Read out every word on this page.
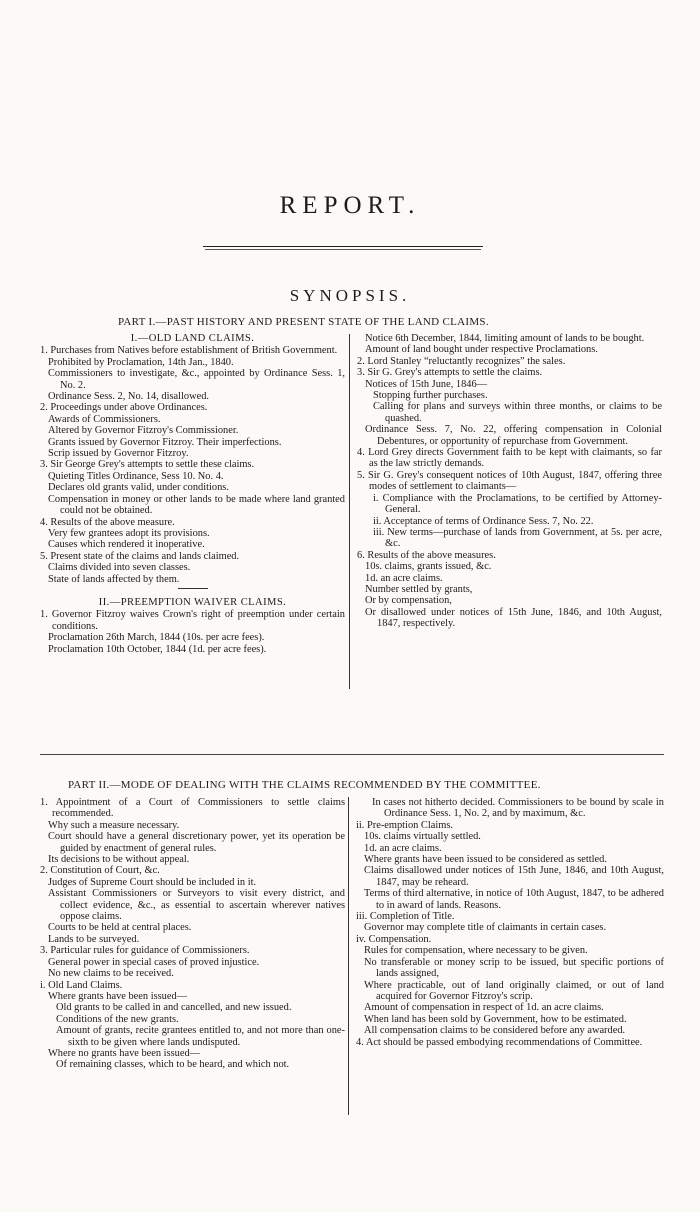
REPORT.
SYNOPSIS.
PART I.—PAST HISTORY AND PRESENT STATE OF THE LAND CLAIMS.
I.—OLD LAND CLAIMS.
1. Purchases from Natives before establishment of British Government.
Prohibited by Proclamation, 14th Jan., 1840.
Commissioners to investigate, &c., appointed by Ordinance Sess. 1, No. 2.
Ordinance Sess. 2, No. 14, disallowed.
2. Proceedings under above Ordinances.
Awards of Commissioners.
Altered by Governor Fitzroy's Commissioner.
Grants issued by Governor Fitzroy. Their imperfections.
Scrip issued by Governor Fitzroy.
3. Sir George Grey's attempts to settle these claims.
Quieting Titles Ordinance, Sess 10. No. 4.
Declares old grants valid, under conditions.
Compensation in money or other lands to be made where land granted could not be obtained.
4. Results of the above measure.
Very few grantees adopt its provisions.
Causes which rendered it inoperative.
5. Present state of the claims and lands claimed.
Claims divided into seven classes.
State of lands affected by them.
II.—PREEMPTION WAIVER CLAIMS.
1. Governor Fitzroy waives Crown's right of preemption under certain conditions.
Proclamation 26th March, 1844 (10s. per acre fees).
Proclamation 10th October, 1844 (1d. per acre fees).
Notice 6th December, 1844, limiting amount of lands to be bought.
Amount of land bought under respective Proclamations.
2. Lord Stanley “reluctantly recognizes” the sales.
3. Sir G. Grey's attempts to settle the claims.
Notices of 15th June, 1846—
Stopping further purchases.
Calling for plans and surveys within three months, or claims to be quashed.
Ordinance Sess. 7, No. 22, offering compensation in Colonial Debentures, or opportunity of repurchase from Government.
4. Lord Grey directs Government faith to be kept with claimants, so far as the law strictly demands.
5. Sir G. Grey's consequent notices of 10th August, 1847, offering three modes of settlement to claimants—
i. Compliance with the Proclamations, to be certified by Attorney-General.
ii. Acceptance of terms of Ordinance Sess. 7, No. 22.
iii. New terms—purchase of lands from Government, at 5s. per acre, &c.
6. Results of the above measures.
10s. claims, grants issued, &c.
1d. an acre claims.
Number settled by grants,
Or by compensation,
Or disallowed under notices of 15th June, 1846, and 10th August, 1847, respectively.
PART II.—MODE OF DEALING WITH THE CLAIMS RECOMMENDED BY THE COMMITTEE.
1. Appointment of a Court of Commissioners to settle claims recommended.
Why such a measure necessary.
Court should have a general discretionary power, yet its operation be guided by enactment of general rules.
Its decisions to be without appeal.
2. Constitution of Court, &c.
Judges of Supreme Court should be included in it.
Assistant Commissioners or Surveyors to visit every district, and collect evidence, &c., as essential to ascertain wherever natives oppose claims.
Courts to be held at central places.
Lands to be surveyed.
3. Particular rules for guidance of Commissioners.
General power in special cases of proved injustice.
No new claims to be received.
i. Old Land Claims.
Where grants have been issued—
Old grants to be called in and cancelled, and new issued.
Conditions of the new grants.
Amount of grants, recite grantees entitled to, and not more than one-sixth to be given where lands undisputed.
Where no grants have been issued—
Of remaining classes, which to be heard, and which not.
In cases not hitherto decided. Commissioners to be bound by scale in Ordinance Sess. 1, No. 2, and by maximum, &c.
ii. Pre-emption Claims.
10s. claims virtually settled.
1d. an acre claims.
Where grants have been issued to be considered as settled.
Claims disallowed under notices of 15th June, 1846, and 10th August, 1847, may be reheard.
Terms of third alternative, in notice of 10th August, 1847, to be adhered to in award of lands. Reasons.
iii. Completion of Title.
Governor may complete title of claimants in certain cases.
iv. Compensation.
Rules for compensation, where necessary to be given.
No transferable or money scrip to be issued, but specific portions of lands assigned,
Where practicable, out of land originally claimed, or out of land acquired for Governor Fitzroy's scrip.
Amount of compensation in respect of 1d. an acre claims.
When land has been sold by Government, how to be estimated.
All compensation claims to be considered before any awarded.
4. Act should be passed embodying recommendations of Committee.
